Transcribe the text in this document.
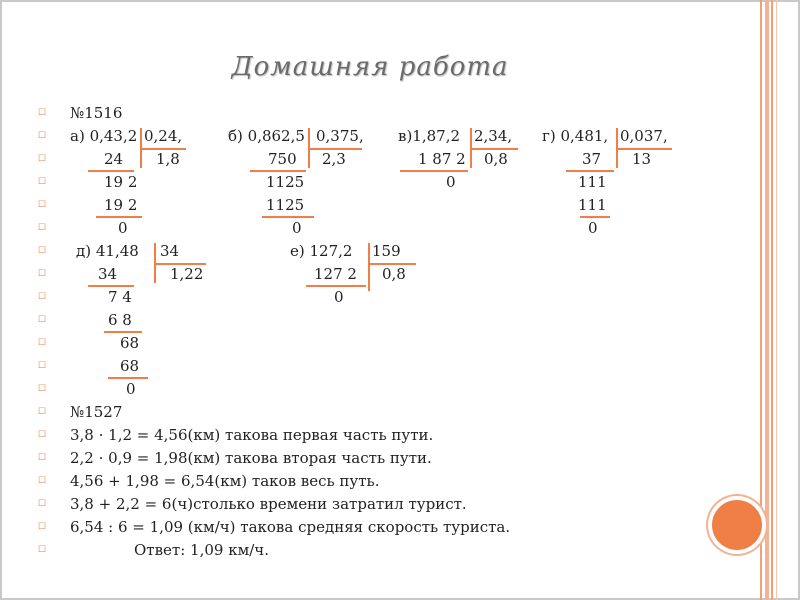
Домашняя работа
☐
☐
☐
☐
☐
☐
☐
☐
☐
☐
☐
☐
☐
☐
☐
☐
☐
☐
☐
☐
№1516
а) 0,43,2 0,24,
24 1,8
19 2
19 2
0
б) 0,862,5 0,375,
750 2,3
1125
1125
0
в)1,87,2 2,34,
1 87 2 0,8
0
г) 0,481, 0,037,
37 13
111
111
0
д) 41,48 34
34	1,22
7 4
6 8
68
68
0
е) 127,2 159
127 2 0,8
0
№1527
3,8 · 1,2 = 4,56(км) такова первая часть пути.
2,2 · 0,9 = 1,98(км) такова вторая часть пути.
4,56 + 1,98 = 6,54(км) таков весь путь.
3,8 + 2,2 = 6(ч)столько времени затратил турист.
6,54 : 6 = 1,09 (км/ч) такова средняя скорость туриста.
Ответ: 1,09 км/ч.
